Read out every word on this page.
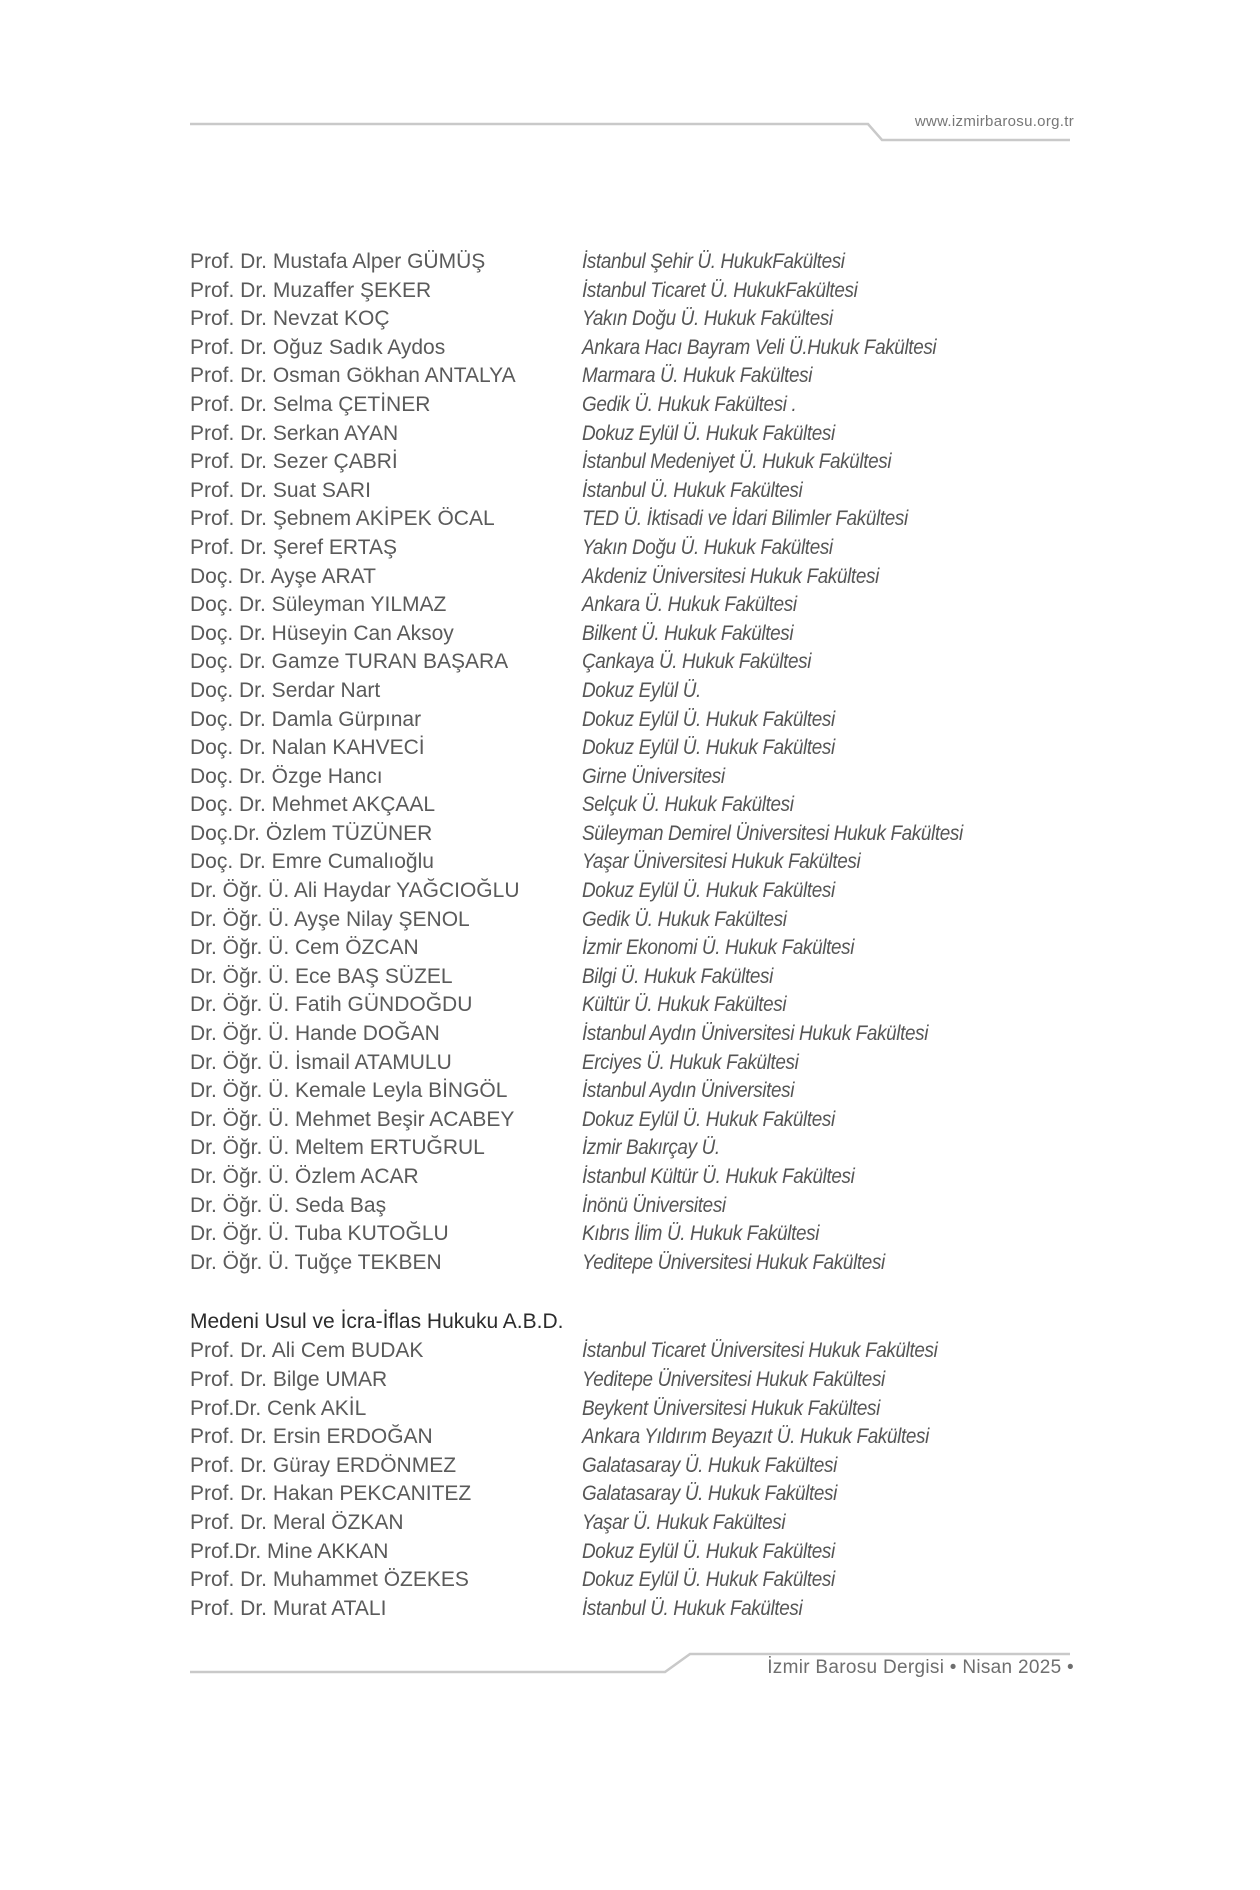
www.izmirbarosu.org.tr
Prof. Dr. Mustafa Alper GÜMÜŞ	İstanbul Şehir Ü. HukukFakültesi
Prof. Dr. Muzaffer ŞEKER	İstanbul Ticaret Ü. HukukFakültesi
Prof. Dr. Nevzat KOÇ	Yakın Doğu Ü. Hukuk Fakültesi
Prof. Dr. Oğuz Sadık Aydos	Ankara Hacı Bayram Veli Ü.Hukuk Fakültesi
Prof. Dr. Osman Gökhan ANTALYA	Marmara Ü. Hukuk Fakültesi
Prof. Dr. Selma ÇETİNER	Gedik Ü. Hukuk Fakültesi .
Prof. Dr. Serkan AYAN	Dokuz Eylül Ü. Hukuk Fakültesi
Prof. Dr. Sezer ÇABRİ	İstanbul Medeniyet Ü. Hukuk Fakültesi
Prof. Dr. Suat SARI	İstanbul Ü. Hukuk Fakültesi
Prof. Dr. Şebnem AKİPEK ÖCAL	TED Ü. İktisadi ve İdari Bilimler Fakültesi
Prof. Dr. Şeref ERTAŞ	Yakın Doğu Ü. Hukuk Fakültesi
Doç. Dr. Ayşe ARAT	Akdeniz Üniversitesi Hukuk Fakültesi
Doç. Dr. Süleyman YILMAZ	Ankara Ü. Hukuk Fakültesi
Doç. Dr. Hüseyin Can Aksoy	Bilkent Ü. Hukuk Fakültesi
Doç. Dr. Gamze TURAN BAŞARA	Çankaya Ü. Hukuk Fakültesi
Doç. Dr. Serdar Nart	Dokuz Eylül Ü.
Doç. Dr. Damla Gürpınar	Dokuz Eylül Ü. Hukuk Fakültesi
Doç. Dr. Nalan KAHVECİ	Dokuz Eylül Ü. Hukuk Fakültesi
Doç. Dr. Özge Hancı	Girne Üniversitesi
Doç. Dr. Mehmet AKÇAAL	Selçuk Ü. Hukuk Fakültesi
Doç.Dr. Özlem TÜZÜNER	Süleyman Demirel Üniversitesi Hukuk Fakültesi
Doç. Dr. Emre Cumalıoğlu	Yaşar Üniversitesi Hukuk Fakültesi
Dr. Öğr. Ü. Ali Haydar YAĞCIOĞLU	Dokuz Eylül Ü. Hukuk Fakültesi
Dr. Öğr. Ü. Ayşe Nilay ŞENOL	Gedik Ü. Hukuk Fakültesi
Dr. Öğr. Ü. Cem ÖZCAN	İzmir Ekonomi Ü. Hukuk Fakültesi
Dr. Öğr. Ü. Ece BAŞ SÜZEL	Bilgi Ü. Hukuk Fakültesi
Dr. Öğr. Ü. Fatih GÜNDOĞDU	Kültür Ü. Hukuk Fakültesi
Dr. Öğr. Ü. Hande DOĞAN	İstanbul Aydın Üniversitesi Hukuk Fakültesi
Dr. Öğr. Ü. İsmail ATAMULU	Erciyes Ü. Hukuk Fakültesi
Dr. Öğr. Ü. Kemale Leyla BİNGÖL	İstanbul Aydın Üniversitesi
Dr. Öğr. Ü. Mehmet Beşir ACABEY	Dokuz Eylül Ü. Hukuk Fakültesi
Dr. Öğr. Ü. Meltem ERTUĞRUL	İzmir Bakırçay Ü.
Dr. Öğr. Ü. Özlem ACAR	İstanbul Kültür Ü. Hukuk Fakültesi
Dr. Öğr. Ü. Seda Baş	İnönü Üniversitesi
Dr. Öğr. Ü. Tuba KUTOĞLU	Kıbrıs İlim Ü. Hukuk Fakültesi
Dr. Öğr. Ü. Tuğçe TEKBEN	Yeditepe Üniversitesi Hukuk Fakültesi
Medeni Usul ve İcra-İflas Hukuku A.B.D.
Prof. Dr. Ali Cem BUDAK	İstanbul Ticaret Üniversitesi Hukuk Fakültesi
Prof. Dr. Bilge UMAR	Yeditepe Üniversitesi Hukuk Fakültesi
Prof.Dr. Cenk AKİL	Beykent Üniversitesi Hukuk Fakültesi
Prof. Dr. Ersin ERDOĞAN	Ankara Yıldırım Beyazıt Ü. Hukuk Fakültesi
Prof. Dr. Güray ERDÖNMEZ	Galatasaray Ü. Hukuk Fakültesi
Prof. Dr. Hakan PEKCANITEZ	Galatasaray Ü. Hukuk Fakültesi
Prof. Dr. Meral ÖZKAN	Yaşar Ü. Hukuk Fakültesi
Prof.Dr. Mine AKKAN	Dokuz Eylül Ü. Hukuk Fakültesi
Prof. Dr. Muhammet ÖZEKES	Dokuz Eylül Ü. Hukuk Fakültesi
Prof. Dr. Murat ATALI	İstanbul Ü. Hukuk Fakültesi
İzmir Barosu Dergisi • Nisan 2025 •
